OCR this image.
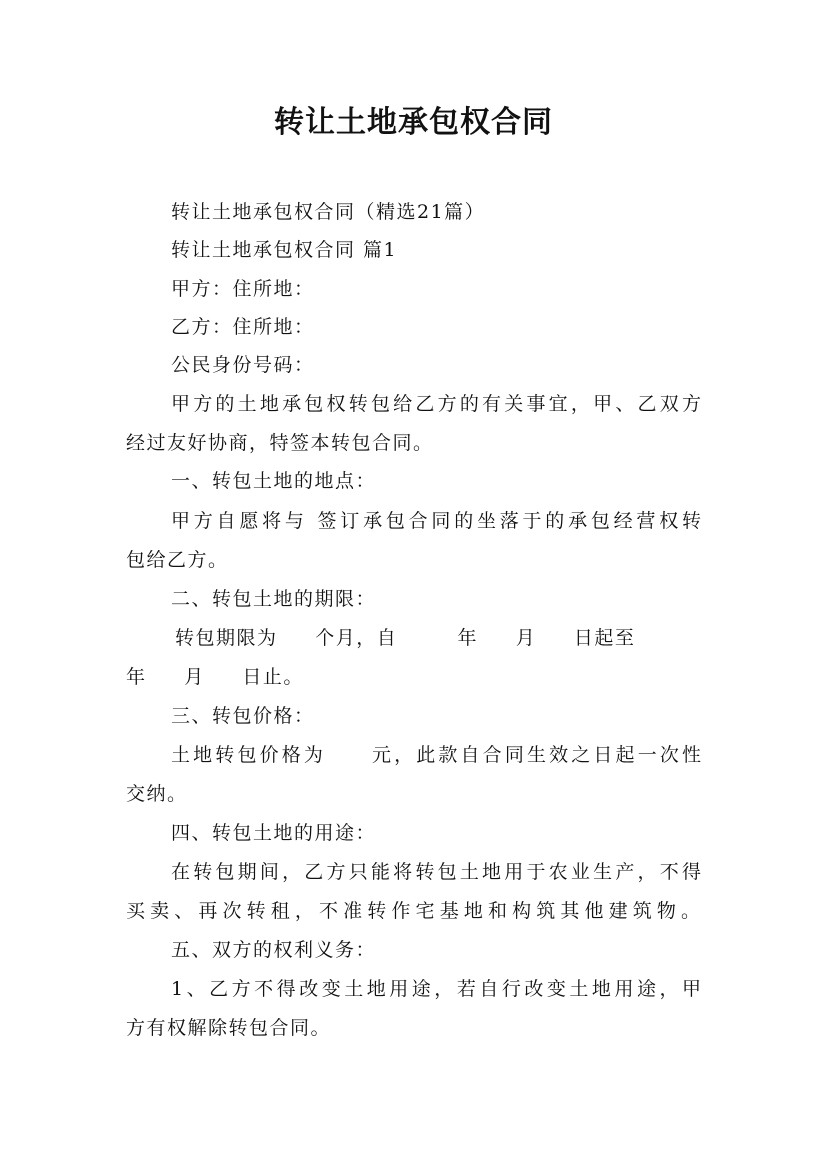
转让土地承包权合同
转让土地承包权合同（精选21篇）
转让土地承包权合同 篇1
甲方：住所地：
乙方：住所地：
公民身份号码：
甲方的土地承包权转包给乙方的有关事宜，甲、乙双方
经过友好协商，特签本转包合同。
一、转包土地的地点：
甲方自愿将与 签订承包合同的坐落于的承包经营权转
包给乙方。
二、转包土地的期限：
转包期限为     个月，自        年     月     日起至
年     月     日止。
三、转包价格：
土地转包价格为     元，此款自合同生效之日起一次性
交纳。
四、转包土地的用途：
在转包期间，乙方只能将转包土地用于农业生产，不得
买卖、再次转租，不准转作宅基地和构筑其他建筑物。
五、双方的权利义务：
1、乙方不得改变土地用途，若自行改变土地用途，甲
方有权解除转包合同。
